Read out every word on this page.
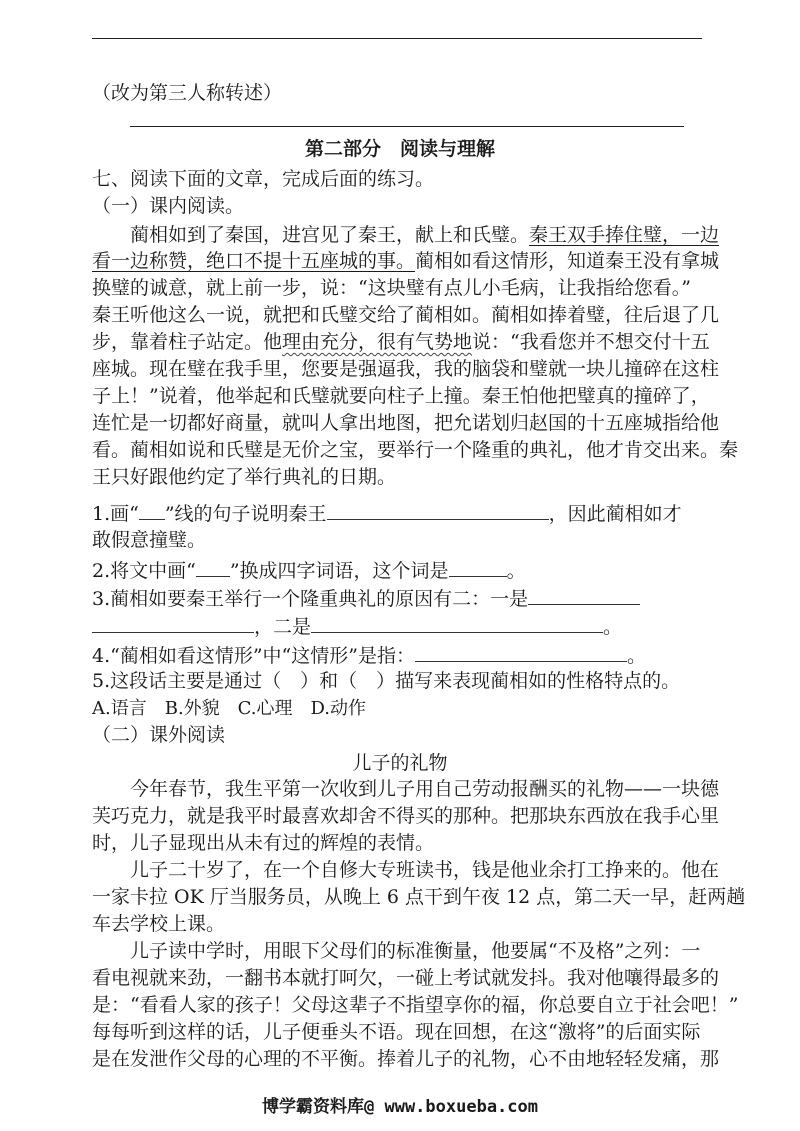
（改为第三人称转述）
第二部分　阅读与理解
七、阅读下面的文章，完成后面的练习。
（一）课内阅读。
蔺相如到了秦国，进宫见了秦王，献上和氏璧。秦王双手捧住璧，一边
看一边称赞，绝口不提十五座城的事。蔺相如看这情形，知道秦王没有拿城
换璧的诚意，就上前一步，说：“这块璧有点儿小毛病，让我指给您看。”
秦王听他这么一说，就把和氏璧交给了蔺相如。蔺相如捧着璧，往后退了几
步，靠着柱子站定。他理由充分，很有气势地说：“我看您并不想交付十五
座城。现在璧在我手里，您要是强逼我，我的脑袋和璧就一块儿撞碎在这柱
子上！”说着，他举起和氏璧就要向柱子上撞。秦王怕他把璧真的撞碎了，
连忙是一切都好商量，就叫人拿出地图，把允诺划归赵国的十五座城指给他
看。蔺相如说和氏璧是无价之宝，要举行一个隆重的典礼，他才肯交出来。秦
王只好跟他约定了举行典礼的日期。
1.画“ ”线的句子说明秦王	，因此蔺相如才
敢假意撞璧。
2.将文中画“ ”换成四字词语，这个词是	。
3.蔺相如要秦王举行一个隆重典礼的原因有二：一是
，二是	。
4.“蔺相如看这情形”中“这情形”是指：	。
5.这段话主要是通过（　）和（　）描写来表现蔺相如的性格特点的。
A.语言　B.外貌　C.心理　D.动作
（二）课外阅读
儿子的礼物
今年春节，我生平第一次收到儿子用自己劳动报酬买的礼物——一块德
芙巧克力，就是我平时最喜欢却舍不得买的那种。把那块东西放在我手心里
时，儿子显现出从未有过的辉煌的表情。
儿子二十岁了，在一个自修大专班读书，钱是他业余打工挣来的。他在
一家卡拉 OK 厅当服务员，从晚上 6 点干到午夜 12 点，第二天一早，赶两趟
车去学校上课。
儿子读中学时，用眼下父母们的标准衡量，他要属“不及格”之列：一
看电视就来劲，一翻书本就打呵欠，一碰上考试就发抖。我对他嚷得最多的
是：“看看人家的孩子！父母这辈子不指望享你的福，你总要自立于社会吧！”
每每听到这样的话，儿子便垂头不语。现在回想，在这“激将”的后面实际
是在发泄作父母的心理的不平衡。捧着儿子的礼物，心不由地轻轻发痛，那
博学霸资料库@ www.boxueba.com
